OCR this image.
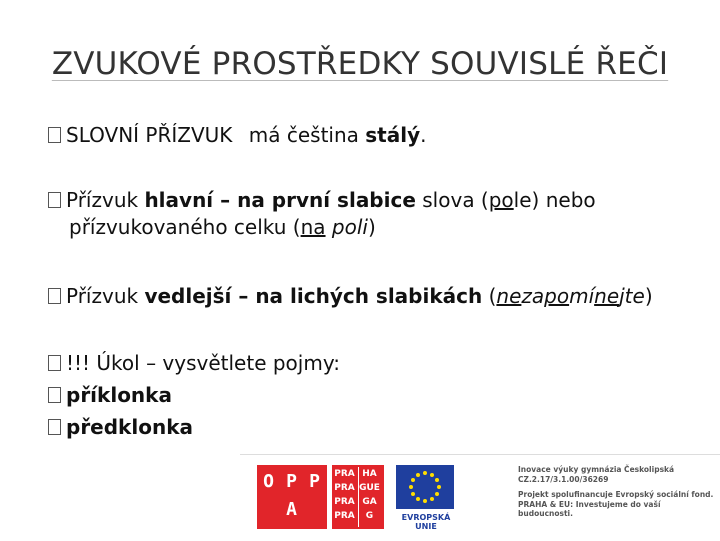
ZVUKOVÉ PROSTŘEDKY SOUVISLÉ ŘEČI
SLOVNÍ PŘÍZVUK má čeština stálý.
Přízvuk hlavní – na první slabice slova (pole) nebo
přízvukovaného celku (na poli)
Přízvuk vedlejší – na lichých slabikách (nezapomínejte)
!!! Úkol – vysvětlete pojmy:
příklonka
předklonka
O P P
A
PRA HA
PRA GUE
PRA GA
PRA G	EVROPSKÁ UNIE

Inovace výuky gymnázia Českolipská
CZ.2.17/3.1.00/36269

Projekt spolufinancuje Evropský sociální fond.
PRAHA & EU: Investujeme do vaší budoucnosti.
